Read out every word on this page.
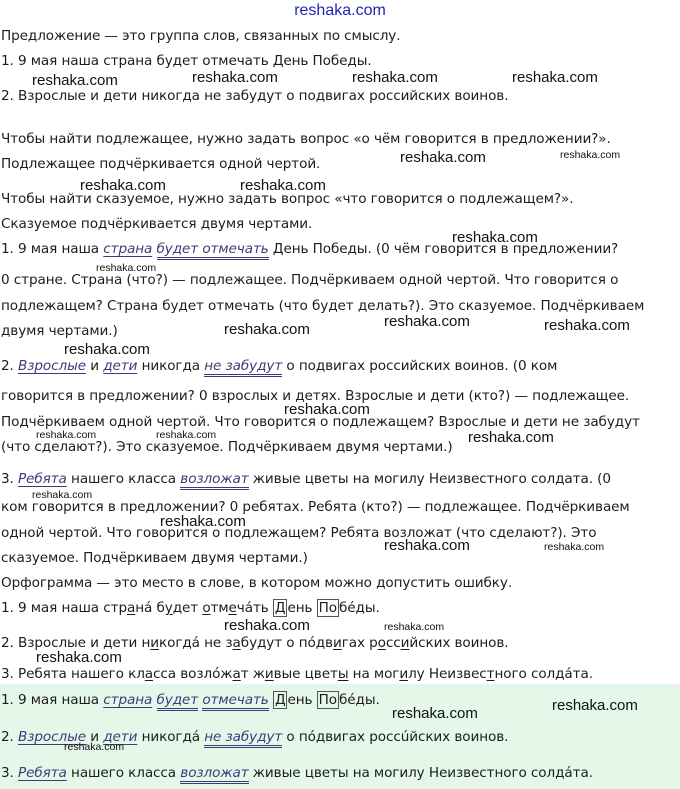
reshaka.com
Предложение — это группа слов, связанных по смыслу.
1. 9 мая наша страна будет отмечать День Победы.
2. Взрослые и дети никогда не забудут о подвигах российских воинов.
Чтобы найти подлежащее, нужно задать вопрос «о чём говорится в предложении?».
Подлежащее подчёркивается одной чертой.
Чтобы найти сказуемое, нужно задать вопрос «что говорится о подлежащем?».
Сказуемое подчёркивается двумя чертами.
1. 9 мая наша страна будет отмечать День Победы. (0 чём говорится в предложении?
0 стране. Страна (что?) — подлежащее. Подчёркиваем одной чертой. Что говорится о
подлежащем? Страна будет отмечать (что будет делать?). Это сказуемое. Подчёркиваем
двумя чертами.)
2. Взрослые и дети никогда не забудут о подвигах российских воинов. (0 ком
говорится в предложении? 0 взрослых и детях. Взрослые и дети (кто?) — подлежащее.
Подчёркиваем одной чертой. Что говорится о подлежащем? Взрослые и дети не забудут
(что сделают?). Это сказуемое. Подчёркиваем двумя чертами.)
3. Ребята нашего класса возложат живые цветы на могилу Неизвестного солдата. (0
ком говорится в предложении? 0 ребятах. Ребята (кто?) — подлежащее. Подчёркиваем
одной чертой. Что говорится о подлежащем? Ребята возложат (что сделают?). Это
сказуемое. Подчёркиваем двумя чертами.)
Орфограмма — это место в слове, в котором можно допустить ошибку.
1. 9 мая наша странá будет отмечáть Д ень По бéды.
2. Взрослые и дети никогдá не забудут о пóдвигах российских воинов.
3. Ребята нашего класса возлóжат живые цветы на могилу Неизвестного солдáта.
1. 9 мая наша страна будет отмечать Д ень По бéды.
2. Взрослые и дети никогдá не забудут о пóдвигах россúйских воинов.
3. Ребята нашего класса возложат живые цветы на могилу Неизвестного солдáта.
reshaka.com	reshaka.com	reshaka.com	reshaka.com
reshaka.com	reshaka.com
reshaka.com	reshaka.com
reshaka.com
reshaka.com
reshaka.com	reshaka.com	reshaka.com
reshaka.com
reshaka.com
reshaka.com	reshaka.com	reshaka.com
reshaka.com
reshaka.com
reshaka.com	reshaka.com
reshaka.com	reshaka.com
reshaka.com
reshaka.com
reshaka.com
reshaka.com
